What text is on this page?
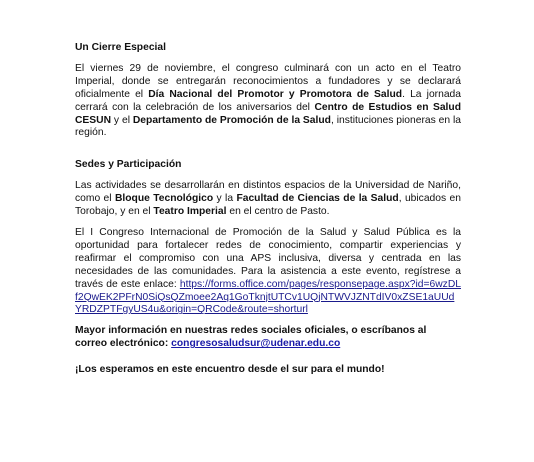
Un Cierre Especial

El viernes 29 de noviembre, el congreso culminará con un acto en el Teatro Imperial, donde se entregarán reconocimientos a fundadores y se declarará oficialmente el Día Nacional del Promotor y Promotora de Salud. La jornada cerrará con la celebración de los aniversarios del Centro de Estudios en Salud CESUN y el Departamento de Promoción de la Salud, instituciones pioneras en la región.

Sedes y Participación

Las actividades se desarrollarán en distintos espacios de la Universidad de Nariño, como el Bloque Tecnológico y la Facultad de Ciencias de la Salud, ubicados en Torobajo, y en el Teatro Imperial en el centro de Pasto.

El I Congreso Internacional de Promoción de la Salud y Salud Pública es la oportunidad para fortalecer redes de conocimiento, compartir experiencias y reafirmar el compromiso con una APS inclusiva, diversa y centrada en las necesidades de las comunidades. Para la asistencia a este evento, regístrese a través de este enlace: https://forms.office.com/pages/responsepage.aspx?id=6wzDLf2QwEK2PFrN0SiQsQZmoee2Aq1GoTknjtUTCv1UQjNTWVJZNTdIV0xZSE1aUUdYRDZPTFgyUS4u&origin=QRCode&route=shorturl

Mayor información en nuestras redes sociales oficiales, o escríbanos al correo electrónico: congresosaludsur@udenar.edu.co

¡Los esperamos en este encuentro desde el sur para el mundo!
